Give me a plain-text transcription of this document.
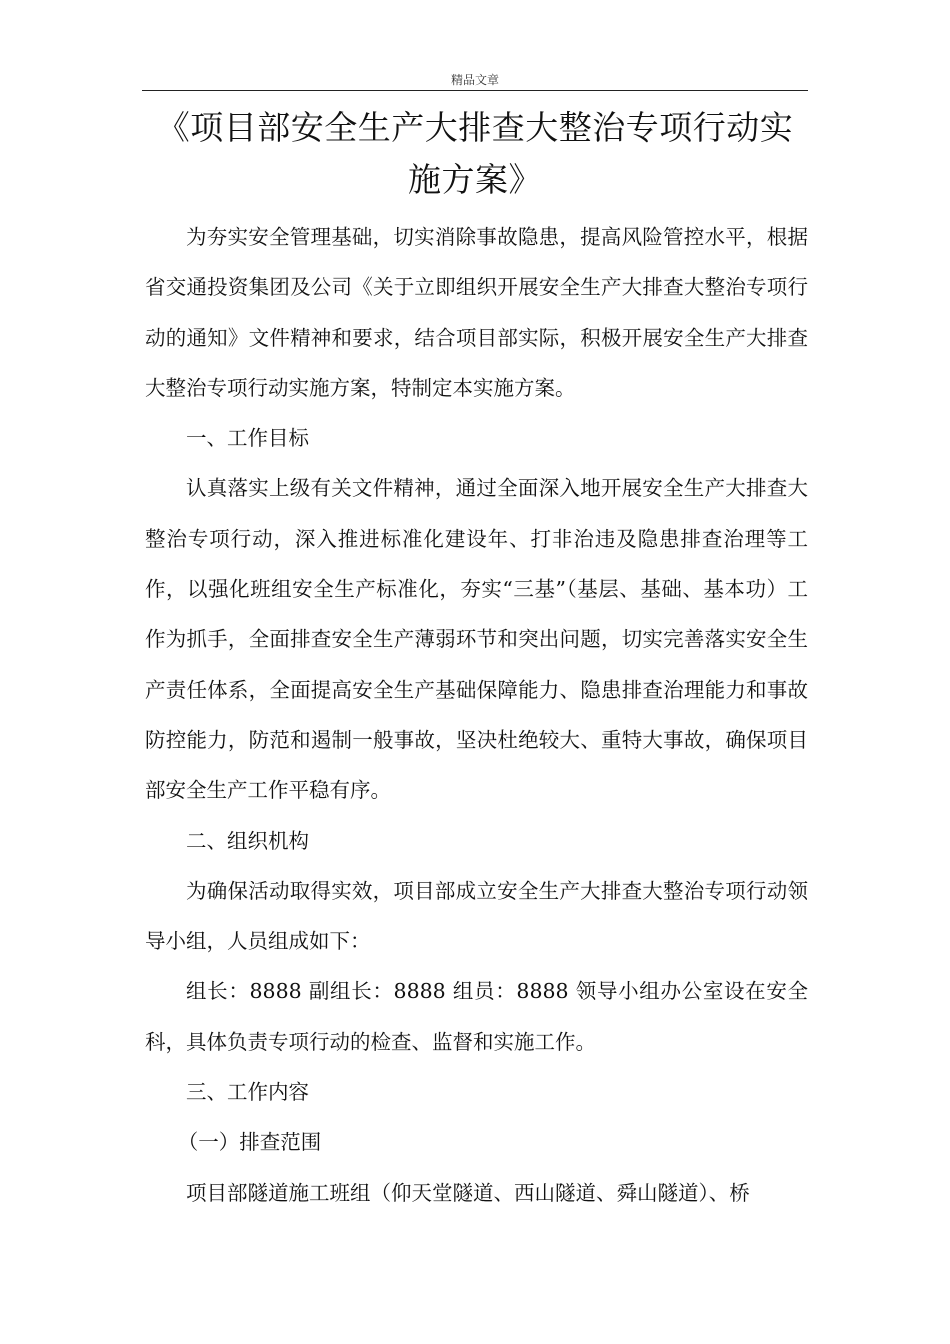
精品文章
《项目部安全生产大排查大整治专项行动实施方案》

为夯实安全管理基础，切实消除事故隐患，提高风险管控水平，根据省交通投资集团及公司《关于立即组织开展安全生产大排查大整治专项行动的通知》文件精神和要求，结合项目部实际，积极开展安全生产大排查大整治专项行动实施方案，特制定本实施方案。

一、工作目标

认真落实上级有关文件精神，通过全面深入地开展安全生产大排查大整治专项行动，深入推进标准化建设年、打非治违及隐患排查治理等工作，以强化班组安全生产标准化，夯实“三基”（基层、基础、基本功）工作为抓手，全面排查安全生产薄弱环节和突出问题，切实完善落实安全生产责任体系，全面提高安全生产基础保障能力、隐患排查治理能力和事故防控能力，防范和遏制一般事故，坚决杜绝较大、重特大事故，确保项目部安全生产工作平稳有序。

二、组织机构

为确保活动取得实效，项目部成立安全生产大排查大整治专项行动领导小组，人员组成如下：

组长：8888 副组长：8888 组员：8888 领导小组办公室设在安全科，具体负责专项行动的检查、监督和实施工作。

三、工作内容

（一）排查范围

项目部隧道施工班组（仰天堂隧道、西山隧道、舜山隧道）、桥
